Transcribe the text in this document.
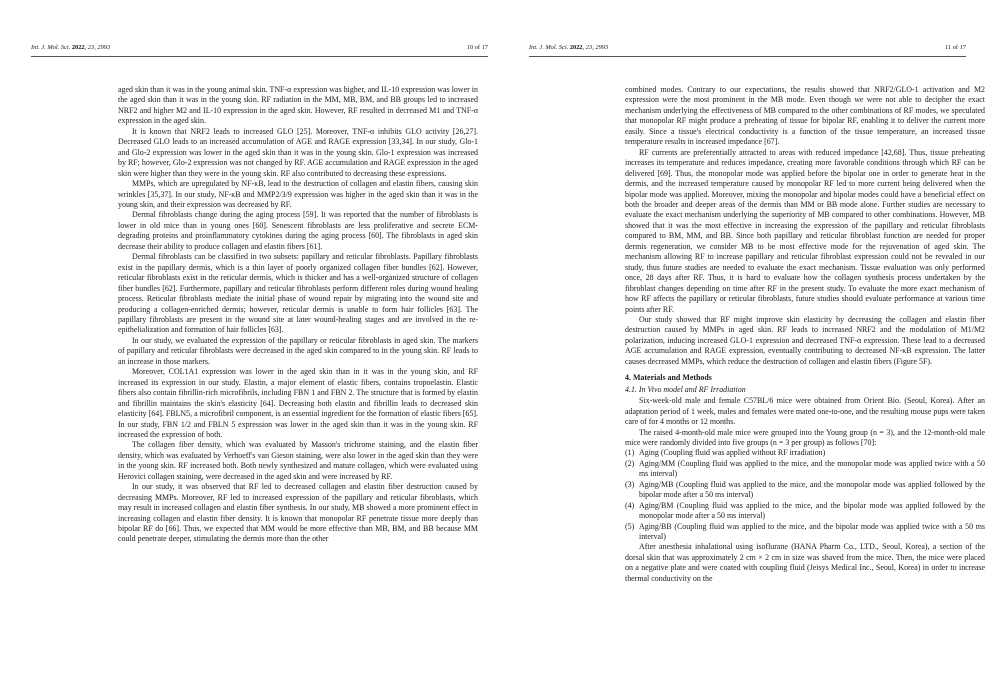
Int. J. Mol. Sci. 2022, 23, 2993	10 of 17

aged skin than it was in the young animal skin. TNF-α expression was higher, and IL-10 expression was lower in the aged skin than it was in the young skin. RF radiation in the MM, MB, BM, and BB groups led to increased NRF2 and higher M2 and IL-10 expression in the aged skin. However, RF resulted in decreased M1 and TNF-α expression in the aged skin.

It is known that NRF2 leads to increased GLO [25]. Moreover, TNF-α inhibits GLO activity [26,27]. Decreased GLO leads to an increased accumulation of AGE and RAGE expression [33,34]. In our study, Glo-1 and Glo-2 expression was lower in the aged skin than it was in the young skin. Glo-1 expression was increased by RF; however, Glo-2 expression was not changed by RF. AGE accumulation and RAGE expression in the aged skin were higher than they were in the young skin. RF also contributed to decreasing these expressions.

MMPs, which are upregulated by NF-κB, lead to the destruction of collagen and elastin fibers, causing skin wrinkles [35,37]. In our study, NF-κB and MMP2/3/9 expression was higher in the aged skin than it was in the young skin, and their expression was decreased by RF.

Dermal fibroblasts change during the aging process [59]. It was reported that the number of fibroblasts is lower in old mice than in young ones [60]. Senescent fibroblasts are less proliferative and secrete ECM-degrading proteins and proinflammatory cytokines during the aging process [60]. The fibroblasts in aged skin decrease their ability to produce collagen and elastin fibers [61].

Dermal fibroblasts can be classified in two subsets: papillary and reticular fibroblasts. Papillary fibroblasts exist in the papillary dermis, which is a thin layer of poorly organized collagen fiber bundles [62]. However, reticular fibroblasts exist in the reticular dermis, which is thicker and has a well-organized structure of collagen fiber bundles [62]. Furthermore, papillary and reticular fibroblasts perform different roles during wound healing process. Reticular fibroblasts mediate the initial phase of wound repair by migrating into the wound site and producing a collagen-enriched dermis; however, reticular dermis is unable to form hair follicles [63]. The papillary fibroblasts are present in the wound site at later wound-healing stages and are involved in the re-epithelialization and formation of hair follicles [63].

In our study, we evaluated the expression of the papillary or reticular fibroblasts in aged skin. The markers of papillary and reticular fibroblasts were decreased in the aged skin compared to in the young skin. RF leads to an increase in those markers.

Moreover, COL1A1 expression was lower in the aged skin than in it was in the young skin, and RF increased its expression in our study. Elastin, a major element of elastic fibers, contains tropoelastin. Elastic fibers also contain fibrillin-rich microfibrils, including FBN 1 and FBN 2. The structure that is formed by elastin and fibrillin maintains the skin's elasticity [64]. Decreasing both elastin and fibrillin leads to decreased skin elasticity [64]. FBLN5, a microfibril component, is an essential ingredient for the formation of elastic fibers [65]. In our study, FBN 1/2 and FBLN 5 expression was lower in the aged skin than it was in the young skin. RF increased the expression of both.

The collagen fiber density, which was evaluated by Masson's trichrome staining, and the elastin fiber density, which was evaluated by Verhoeff's van Gieson staining, were also lower in the aged skin than they were in the young skin. RF increased both. Both newly synthesized and mature collagen, which were evaluated using Herovici collagen staining, were decreased in the aged skin and were increased by RF.

In our study, it was observed that RF led to decreased collagen and elastin fiber destruction caused by decreasing MMPs. Moreover, RF led to increased expression of the papillary and reticular fibroblasts, which may result in increased collagen and elastin fiber synthesis. In our study, MB showed a more prominent effect in increasing collagen and elastin fiber density. It is known that monopolar RF penetrate tissue more deeply than bipolar RF do [66]. Thus, we expected that MM would be more effective than MB, BM, and BB because MM could penetrate deeper, stimulating the dermis more than the other

Int. J. Mol. Sci. 2022, 23, 2993	11 of 17

combined modes. Contrary to our expectations, the results showed that NRF2/GLO-1 activation and M2 expression were the most prominent in the MB mode. Even though we were not able to decipher the exact mechanism underlying the effectiveness of MB compared to the other combinations of RF modes, we speculated that monopolar RF might produce a preheating of tissue for bipolar RF, enabling it to deliver the current more easily. Since a tissue's electrical conductivity is a function of the tissue temperature, an increased tissue temperature results in increased impedance [67].

RF currents are preferentially attracted to areas with reduced impedance [42,68]. Thus, tissue preheating increases its temperature and reduces impedance, creating more favorable conditions through which RF can be delivered [69]. Thus, the monopolar mode was applied before the bipolar one in order to generate heat in the dermis, and the increased temperature caused by monopolar RF led to more current being delivered when the bipolar mode was applied. Moreover, mixing the monopolar and bipolar modes could have a beneficial effect on both the broader and deeper areas of the dermis than MM or BB mode alone. Further studies are necessary to evaluate the exact mechanism underlying the superiority of MB compared to other combinations. However, MB showed that it was the most effective in increasing the expression of the papillary and reticular fibroblasts compared to BM, MM, and BB. Since both papillary and reticular fibroblast function are needed for proper dermis regeneration, we consider MB to be most effective mode for the rejuvenation of aged skin. The mechanism allowing RF to increase papillary and reticular fibroblast expression could not be revealed in our study, thus future studies are needed to evaluate the exact mechanism. Tissue evaluation was only performed once, 28 days after RF. Thus, it is hard to evaluate how the collagen synthesis process undertaken by the fibroblast changes depending on time after RF in the present study. To evaluate the more exact mechanism of how RF affects the papillary or reticular fibroblasts, future studies should evaluate performance at various time points after RF.

Our study showed that RF might improve skin elasticity by decreasing the collagen and elastin fiber destruction caused by MMPs in aged skin. RF leads to increased NRF2 and the modulation of M1/M2 polarization, inducing increased GLO-1 expression and decreased TNF-α expression. These lead to a decreased AGE accumulation and RAGE expression, eventually contributing to decreased NF-κB expression. The latter causes decreased MMPs, which reduce the destruction of collagen and elastin fibers (Figure 5F).

4. Materials and Methods
4.1. In Vivo model and RF Irradiation

Six-week-old male and female C57BL/6 mice were obtained from Orient Bio. (Seoul, Korea). After an adaptation period of 1 week, males and females were mated one-to-one, and the resulting mouse pups were taken care of for 4 months or 12 months.

The raised 4-month-old male mice were grouped into the Young group (n = 3), and the 12-month-old male mice were randomly divided into five groups (n = 3 per group) as follows [70]:

(1) Aging (Coupling fluid was applied without RF irradiation)
(2) Aging/MM (Coupling fluid was applied to the mice, and the monopolar mode was applied twice with a 50 ms interval)
(3) Aging/MB (Coupling fluid was applied to the mice, and the monopolar mode was applied followed by the bipolar mode after a 50 ms interval)
(4) Aging/BM (Coupling fluid was applied to the mice, and the bipolar mode was applied followed by the monopolar mode after a 50 ms interval)
(5) Aging/BB (Coupling fluid was applied to the mice, and the bipolar mode was applied twice with a 50 ms interval)

After anesthesia inhalational using isoflurane (HANA Pharm Co., LTD., Seoul, Korea), a section of the dorsal skin that was approximately 2 cm × 2 cm in size was shaved from the mice. Then, the mice were placed on a negative plate and were coated with coupling fluid (Jeisys Medical Inc., Seoul, Korea) in order to increase thermal conductivity on the
